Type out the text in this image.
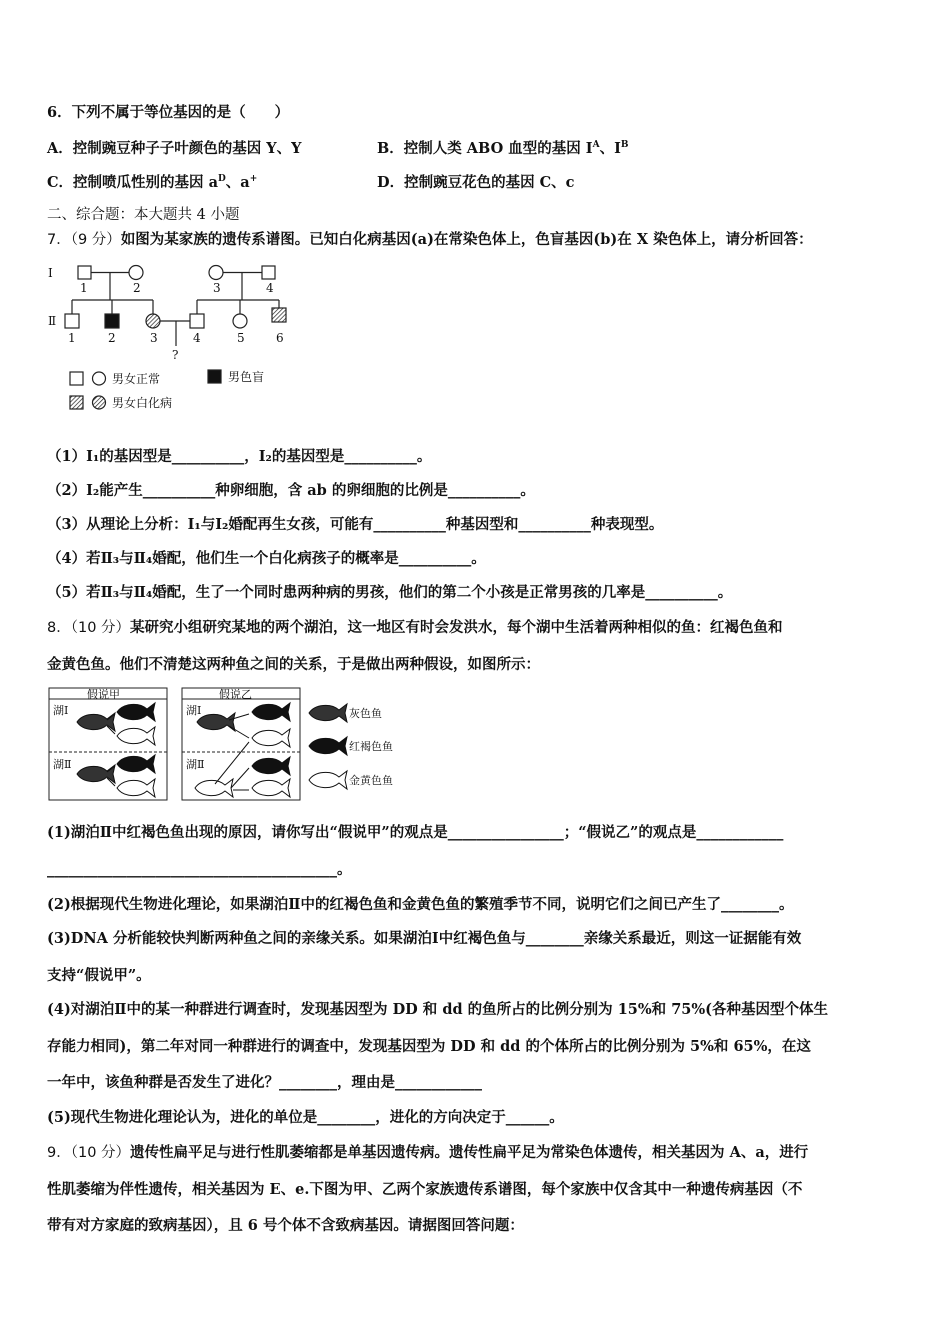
6．下列不属于等位基因的是（　　）
A．控制豌豆种子子叶颜色的基因 Y、Y	B．控制人类 ABO 血型的基因 $I^A$、$I^B$
C．控制喷瓜性别的基因 $a^D$、a+	D．控制豌豆花色的基因 C、c
二、综合题：本大题共 4 小题
7．（9 分）如图为某家族的遗传系谱图。已知白化病基因(a)在常染色体上，色盲基因(b)在 X 染色体上，请分析回答：
Ⅰ
Ⅱ
1	2	3	4
1	2	3	4	5	6
?
男女正常	男色盲
男女白化病
（1）Ⅰ₁的基因型是__________，Ⅰ₂的基因型是__________。
（2）Ⅰ₂能产生__________种卵细胞，含 ab 的卵细胞的比例是__________。
（3）从理论上分析：Ⅰ₁与Ⅰ₂婚配再生女孩，可能有__________种基因型和__________种表现型。
（4）若Ⅱ₃与Ⅱ₄婚配，他们生一个白化病孩子的概率是__________。
（5）若Ⅱ₃与Ⅱ₄婚配，生了一个同时患两种病的男孩，他们的第二个小孩是正常男孩的几率是__________。
8．（10 分）某研究小组研究某地的两个湖泊，这一地区有时会发洪水，每个湖中生活着两种相似的鱼：红褐色鱼和
金黄色鱼。他们不清楚这两种鱼之间的关系，于是做出两种假设，如图所示：
假说甲	假说乙
湖Ⅰ
湖Ⅱ
湖Ⅰ
湖Ⅱ
灰色鱼
红褐色鱼
金黄色鱼
(1)湖泊Ⅱ中红褐色鱼出现的原因，请你写出“假说甲”的观点是________________；“假说乙”的观点是____________
________________________________________。
(2)根据现代生物进化理论，如果湖泊Ⅱ中的红褐色鱼和金黄色鱼的繁殖季节不同，说明它们之间已产生了________。
(3)DNA 分析能较快判断两种鱼之间的亲缘关系。如果湖泊Ⅰ中红褐色鱼与________亲缘关系最近，则这一证据能有效
支持“假说甲”。
(4)对湖泊Ⅱ中的某一种群进行调查时，发现基因型为 DD 和 dd 的鱼所占的比例分别为 15%和 75%(各种基因型个体生
存能力相同)，第二年对同一种群进行的调查中，发现基因型为 DD 和 dd 的个体所占的比例分别为 5%和 65%，在这
一年中，该鱼种群是否发生了进化？________，理由是____________
(5)现代生物进化理论认为，进化的单位是________，进化的方向决定于______。
9．（10 分）遗传性扁平足与进行性肌萎缩都是单基因遗传病。遗传性扁平足为常染色体遗传，相关基因为 A、a，进行
性肌萎缩为伴性遗传，相关基因为 E、e.下图为甲、乙两个家族遗传系谱图，每个家族中仅含其中一种遗传病基因（不
带有对方家庭的致病基因），且 6 号个体不含致病基因。请据图回答问题：
